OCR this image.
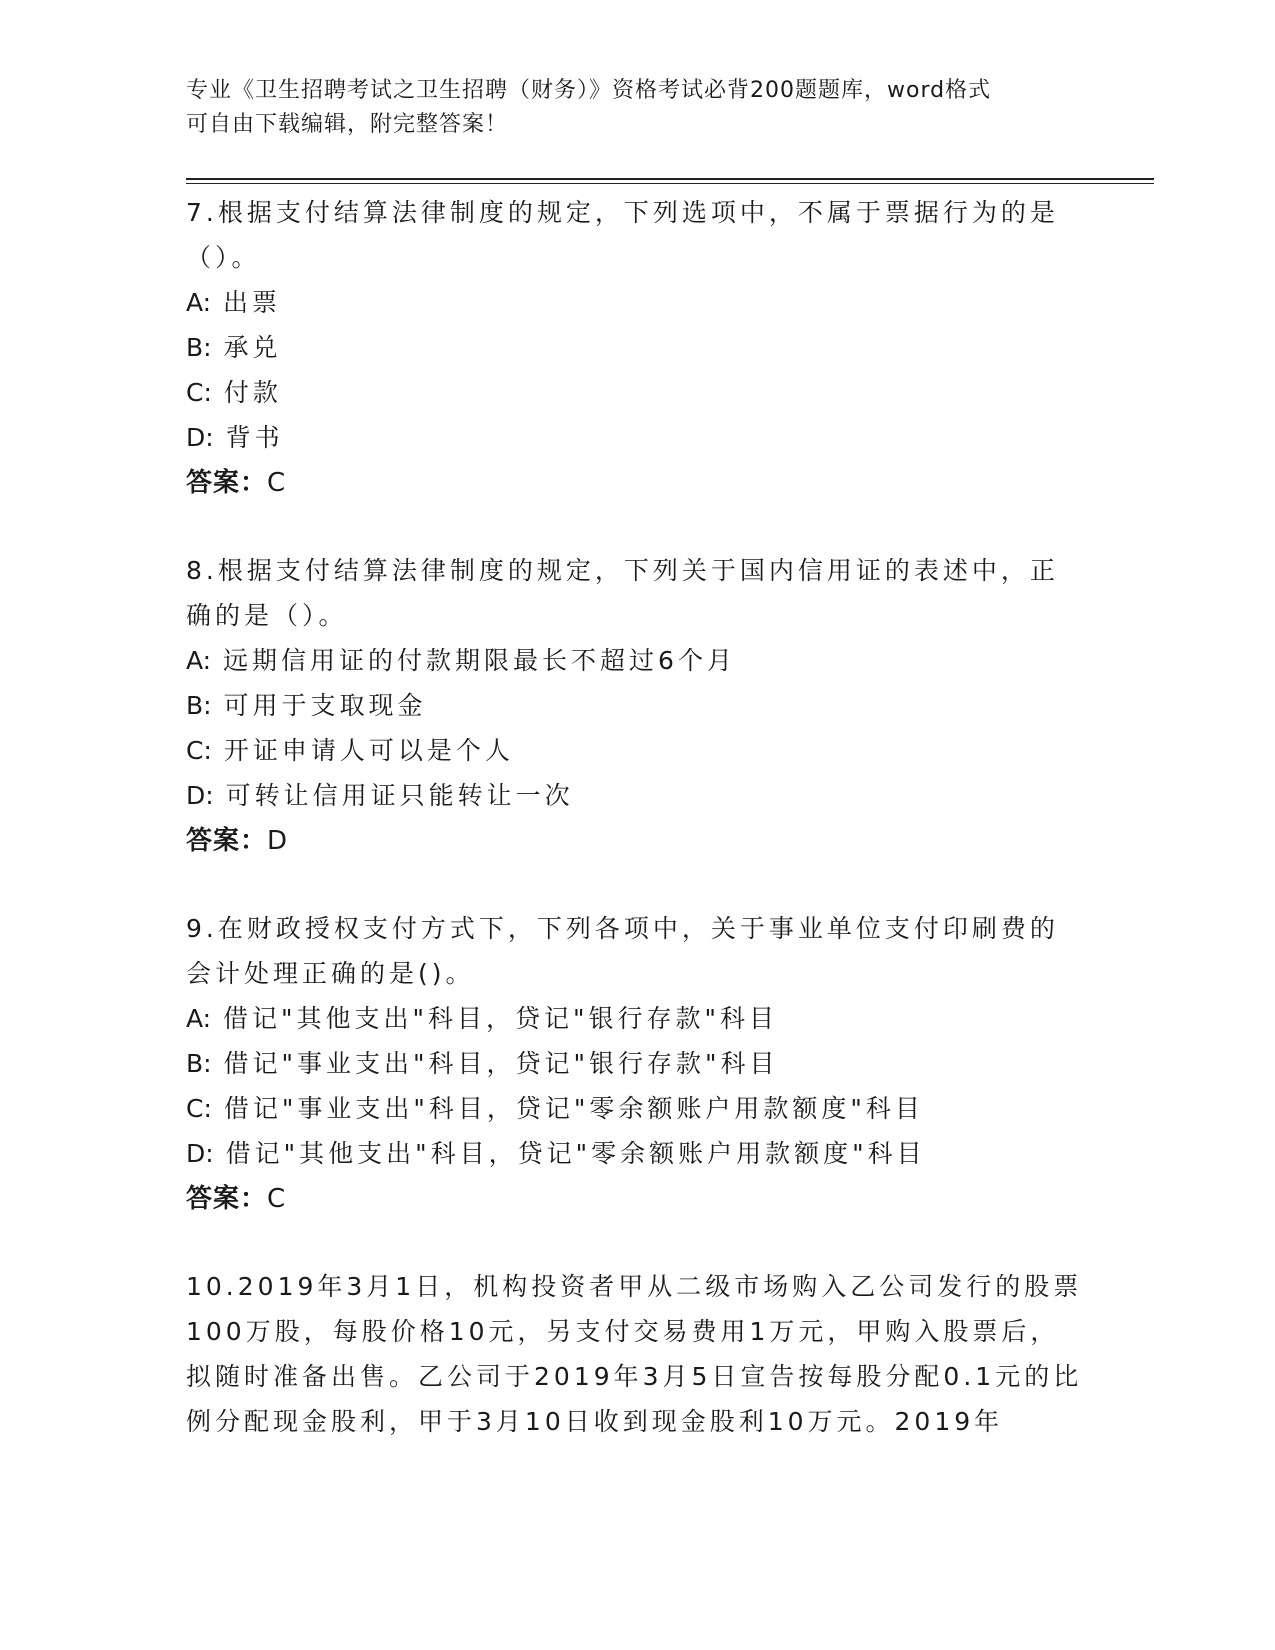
专业《卫生招聘考试之卫生招聘（财务）》资格考试必背200题题库，word格式
可自由下载编辑，附完整答案！

7.根据支付结算法律制度的规定，下列选项中，不属于票据行为的是（）。

A: 出票
B: 承兑
C: 付款
D: 背书
答案：C

8.根据支付结算法律制度的规定，下列关于国内信用证的表述中，正确的是（）。

A: 远期信用证的付款期限最长不超过6个月
B: 可用于支取现金
C: 开证申请人可以是个人
D: 可转让信用证只能转让一次
答案：D

9.在财政授权支付方式下，下列各项中，关于事业单位支付印刷费的会计处理正确的是()。

A: 借记"其他支出"科目，贷记"银行存款"科目
B: 借记"事业支出"科目，贷记"银行存款"科目
C: 借记"事业支出"科目，贷记"零余额账户用款额度"科目
D: 借记"其他支出"科目，贷记"零余额账户用款额度"科目
答案：C

10.2019年3月1日，机构投资者甲从二级市场购入乙公司发行的股票100万股，每股价格10元，另支付交易费用1万元，甲购入股票后，拟随时准备出售。乙公司于2019年3月5日宣告按每股分配0.1元的比例分配现金股利，甲于3月10日收到现金股利10万元。2019年
